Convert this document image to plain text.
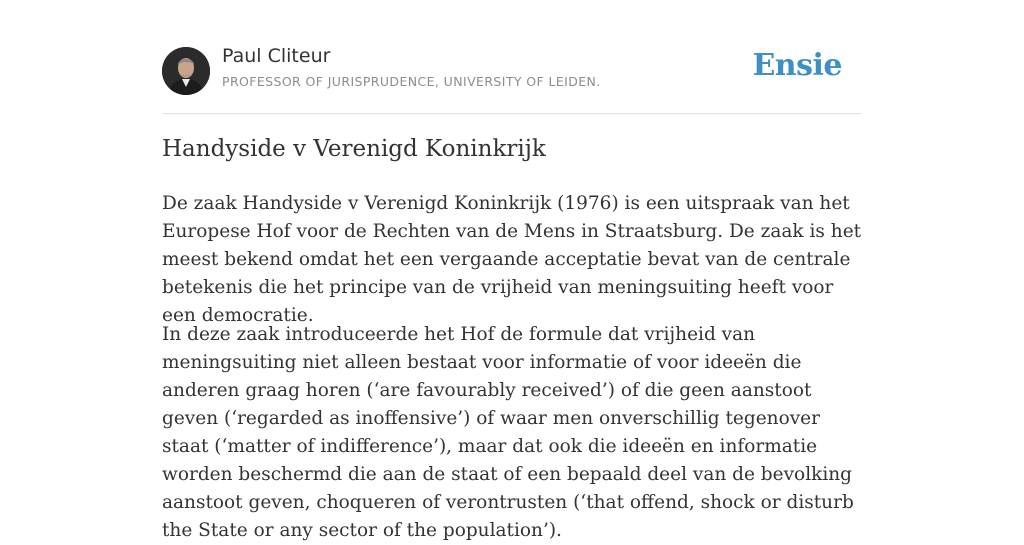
Paul Cliteur
PROFESSOR OF JURISPRUDENCE, UNIVERSITY OF LEIDEN.	Ensie
Handyside v Verenigd Koninkrijk

De zaak Handyside v Verenigd Koninkrijk (1976) is een uitspraak van het Europese Hof voor de Rechten van de Mens in Straatsburg. De zaak is het meest bekend omdat het een vergaande acceptatie bevat van de centrale betekenis die het principe van de vrijheid van meningsuiting heeft voor een democratie.

In deze zaak introduceerde het Hof de formule dat vrijheid van meningsuiting niet alleen bestaat voor informatie of voor ideeën die anderen graag horen (‘are favourably received’) of die geen aanstoot geven (‘regarded as inoffensive’) of waar men onverschillig tegenover staat (‘matter of indifference’), maar dat ook die ideeën en informatie worden beschermd die aan de staat of een bepaald deel van de bevolking aanstoot geven, choqueren of verontrusten (‘that offend, shock or disturb the State or any sector of the population’).
